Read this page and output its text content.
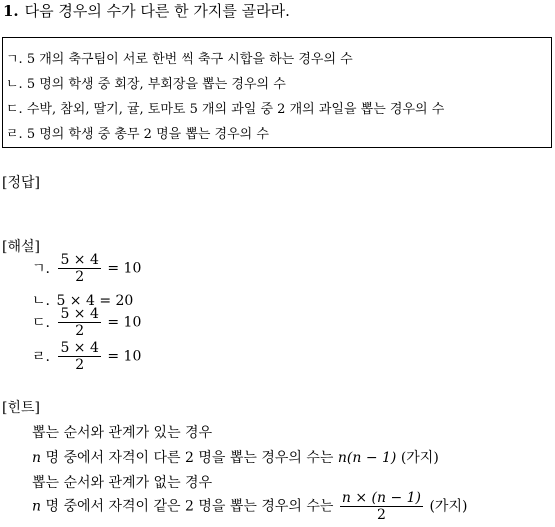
1. 다음 경우의 수가 다른 한 가지를 골라라.
ㄱ. 5 개의 축구팀이 서로 한번 씩 축구 시합을 하는 경우의 수
ㄴ. 5 명의 학생 중 회장, 부회장을 뽑는 경우의 수
ㄷ. 수박, 참외, 딸기, 귤, 토마토 5 개의 과일 중 2 개의 과일을 뽑는 경우의 수
ㄹ. 5 명의 학생 중 총무 2 명을 뽑는 경우의 수
[정답]
[해설]
ㄱ. $\frac{5 \times 4}{2} = 10$
ㄴ. 5 × 4 = 20
ㄷ. $\frac{5 \times 4}{2} = 10$
ㄹ. $\frac{5 \times 4}{2} = 10$
[힌트]
뽑는 순서와 관계가 있는 경우
n 명 중에서 자격이 다른 2 명을 뽑는 경우의 수는 n(n − 1) (가지)
뽑는 순서와 관계가 없는 경우
n 명 중에서 자격이 같은 2 명을 뽑는 경우의 수는 $\frac{n \times (n - 1)}{2}$ (가지)
